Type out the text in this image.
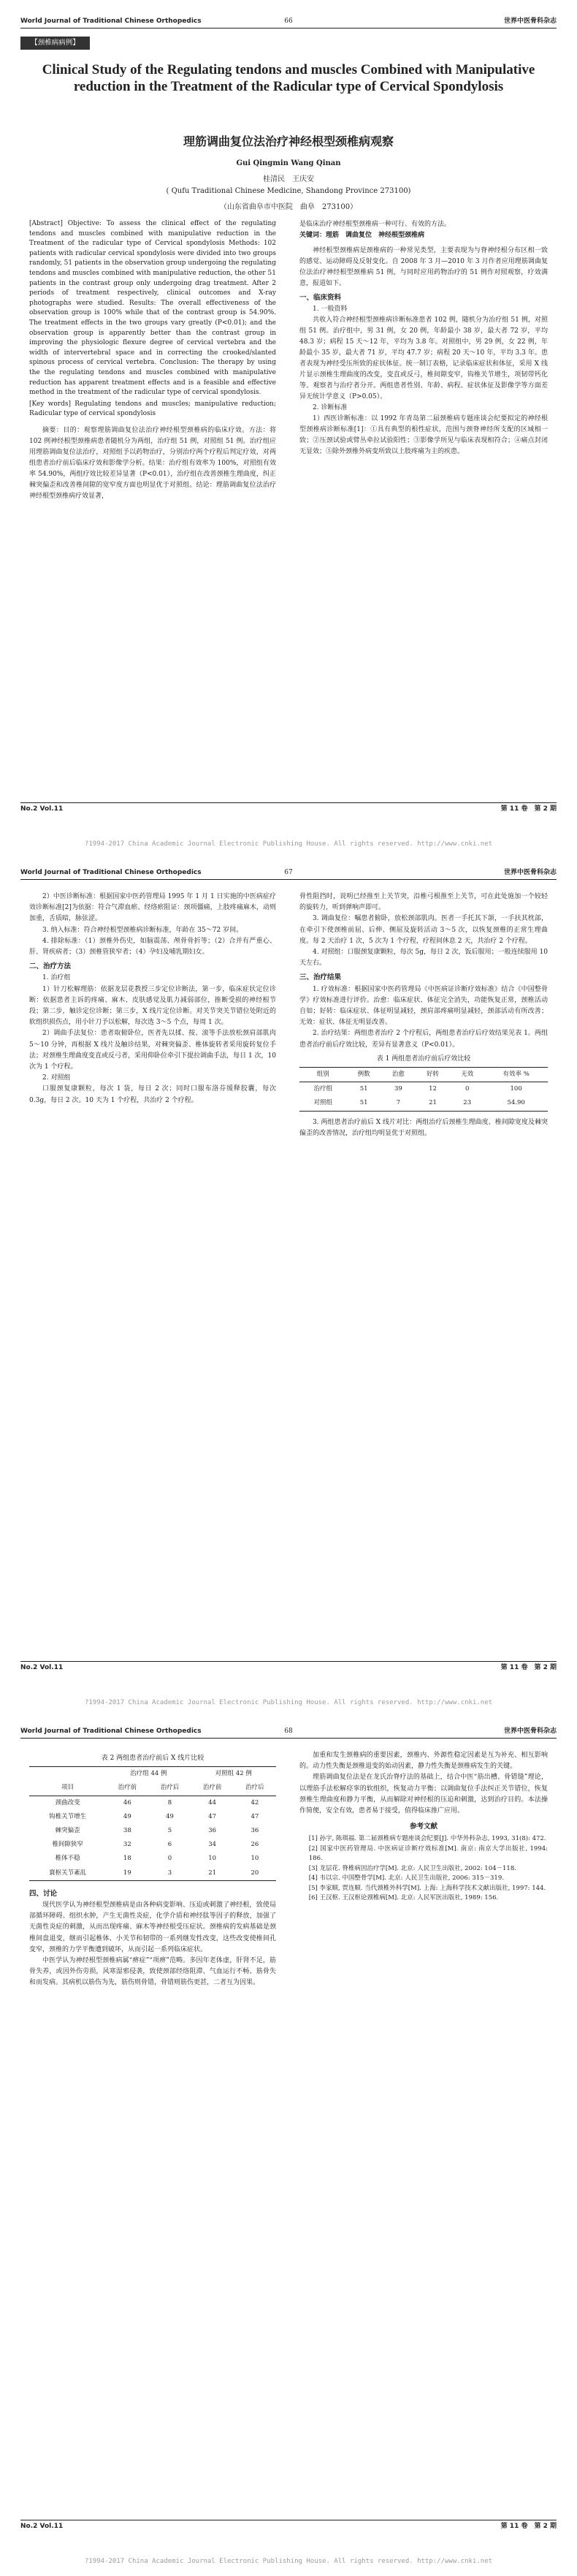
World Journal of Traditional Chinese Orthopedics	66	世界中医骨科杂志
【颈椎病病例】
Clinical Study of the Regulating tendons and muscles Combined with Manipulative reduction in the Treatment of the Radicular type of Cervical Spondylosis
理筋调曲复位法治疗神经根型颈椎病观察
Gui Qingmin Wang Qinan
桂清民　王庆安
( Qufu Traditional Chinese Medicine, Shandong Province 273100)
（山东省曲阜市中医院　曲阜　273100）

[Abstract] Objective: To assess the clinical effect of the regulating tendons and muscles combined with manipulative reduction in the Treatment of the radicular type of Cervical spondylosis Methods: 102 patients with radicular cervical spondylosis were divided into two groups randomly, 51 patients in the observation group undergoing the regulating tendons and muscles combined with manipulative reduction, the other 51 patients in the contrast group only undergoing drag treatment. After 2 periods of treatment respectively, clinical outcomes and X-ray photographs were studied. Results: The overall effectiveness of the observation group is 100% while that of the contrast group is 54.90%. The treatment effects in the two groups vary greatly (P<0.01); and the observation group is apparently better than the contrast group in improving the physiologic flexure degree of cervical vertebra and the width of intervertebral space and in correcting the crooked/slanted spinous process of cervical vertebra. Conclusion: The therapy by using the the regulating tendons and muscles combined with manipulative reduction has apparent treatment effects and is a feasible and effective method in the treatment of the radicular type of cervical spondylosis.

[Key words] Regulating tendons and muscles; manipulative reduction; Radicular type of cervical spondylosis

摘要：目的：观察理筋调曲复位法治疗神经根型颈椎病的临床疗效。方法：将 102 例神经根型颈椎病患者随机分为两组，治疗组 51 例，对照组 51 例。治疗组应用理筋调曲复位法治疗，对照组予以药物治疗，分别治疗两个疗程后判定疗效，对两组患者治疗前后临床疗效和影像学分析。结果：治疗组有效率为 100%，对照组有效率 54.90%，两组疗效比较差异显著（P<0.01），治疗组在改善颈椎生理曲度，纠正棘突偏歪和改善椎间隙的宽窄度方面也明显优于对照组。结论：理筋调曲复位法治疗神经根型颈椎病疗效显著，

是临床治疗神经根型颈椎病一种可行、有效的方法。

关键词：理筋　调曲复位　神经根型颈椎病

神经根型颈椎病是颈椎病的一种常见类型，主要表现为与脊神经根分布区相一致的感觉、运动障碍及反射变化。自 2008 年 3 月—2010 年 3 月作者应用理筋调曲复位法治疗神经根型颈椎病 51 例，与同时应用药物治疗的 51 例作对照观察，疗效满意，报道如下。

一、临床资料

1. 一般资料

共收入符合神经根型颈椎病诊断标准患者 102 例，随机分为治疗组 51 例，对照组 51 例。治疗组中，男 31 例，女 20 例，年龄最小 38 岁，最大者 72 岁，平均 48.3 岁；病程 15 天～12 年，平均为 3.8 年。对照组中，男 29 例，女 22 例，年龄最小 35 岁，最大者 71 岁，平均 47.7 岁；病程 20 天～10 年，平均 3.3 年。患者表现为神经受压所致的症状体征。统一制订表格，记录临床症状和体征，采用 X 线片显示颈椎生理曲度的改变，变直或反弓，椎间隙变窄，钩椎关节增生，项韧带钙化等。观察者与治疗者分开。两组患者性别、年龄、病程、症状体征及影像学等方面差异无统计学意义（P>0.05）。

2. 诊断标准

1）西医诊断标准：以 1992 年青岛第二届颈椎病专题座谈会纪要拟定的神经根型颈椎病诊断标准[1]：①具有典型的根性症状，范围与颈脊神经所支配的区域相一致；②压颈试验或臂丛牵拉试验阳性；③影像学所见与临床表现相符合；④痛点封闭无显效；⑤除外颈椎外病变所致以上肢疼痛为主的疾患。

No.2 Vol.11	第 11 卷　第 2 期
?1994-2017 China Academic Journal Electronic Publishing House. All rights reserved. http://www.cnki.net
World Journal of Traditional Chinese Orthopedics	67	世界中医骨科杂志

2）中医诊断标准：根据国家中医药管理局 1995 年 1 月 1 日实施的中医病症疗效诊断标准[2]为依据：符合气滞血瘀、经络瘀阻证：颈项僵痛，上肢疼痛麻木，动则加重，舌质暗，脉弦涩。

3. 纳入标准：符合神经根型颈椎病诊断标准，年龄在 35～72 岁间。

4. 排除标准：（1）颈椎外伤史，如脑震荡、颅骨骨折等；（2）合并有严重心、肝、肾疾病者；（3）颈椎管狭窄者；（4）孕妇及哺乳期妇女。

二、治疗方法

1. 治疗组

1）针刀松解理筋：依据龙层花教授三步定位诊断法，第一步，临床症状定位诊断：依据患者主诉的疼痛、麻木、皮肤感觉及肌力减弱部位，推断受损的神经根节段；第二步，触诊定位诊断；第三步，X 线片定位诊断。对关节突关节错位处附近的软组织损伤点，用小针刀予以松解，每次选 3～5 个点，每周 1 次。

2）调曲手法复位：患者取俯卧位，医者先以揉、按、滚等手法放松颈肩部肌肉 5～10 分钟，再根据 X 线片及触诊结果，对棘突偏歪、椎体旋转者采用旋转复位手法；对颈椎生理曲度变直或反弓者，采用仰卧位牵引下提拉调曲手法，每日 1 次，10 次为 1 个疗程。

2. 对照组

口服颈复康颗粒，每次 1 袋，每日 2 次；同时口服布洛芬缓释胶囊，每次 0.3g，每日 2 次。10 天为 1 个疗程，共治疗 2 个疗程。

骨性阻挡时，说明已经推至上关节突，沿椎弓根推至上关节，可在此处施加一个较轻的旋转力，听到弹响声即可。

3. 调曲复位：嘱患者俯卧，放松颈部肌肉。医者一手托其下颌，一手扶其枕部，在牵引下使颈椎前屈、后伸、侧屈及旋转活动 3～5 次，以恢复颈椎的正常生理曲度。每 2 天治疗 1 次，5 次为 1 个疗程，疗程间休息 2 天，共治疗 2 个疗程。

4. 对照组：口服颈复康颗粒，每次 5g，每日 2 次，饭后服用；一般连续服用 10 天左右。

三、治疗结果

1. 疗效标准：根据国家中医药管理局《中医病证诊断疗效标准》结合《中国整骨学》疗效标准进行评价。治愈：临床症状、体征完全消失，功能恢复正常，颈椎活动自如；好转：临床症状、体征明显减轻，颈肩部疼痛明显减轻，颈部活动有所改善；无效：症状、体征无明显改善。

2. 治疗结果：两组患者治疗 2 个疗程后，两组患者治疗后疗效结果见表 1。两组患者治疗前后疗效比较，差异有显著意义（P<0.01）。

表 1 两组患者治疗前后疗效比较
组别	例数	治愈	好转	无效	有效率 %
治疗组	51	39	12	0	100
对照组	51	7	21	23	54.90

3. 两组患者治疗前后 X 线片对比：两组治疗后颈椎生理曲度、椎间隙宽度及棘突偏歪的改善情况，治疗组均明显优于对照组。

No.2 Vol.11	第 11 卷　第 2 期
?1994-2017 China Academic Journal Electronic Publishing House. All rights reserved. http://www.cnki.net
World Journal of Traditional Chinese Orthopedics	68	世界中医骨科杂志
表 2 两组患者治疗前后 X 线片比较
	治疗组 44 例		对照组 42 例	
项目	治疗前	治疗后	治疗前	治疗后
颈曲改变	46	8	44	42
钩椎关节增生	49	49	47	47
棘突偏歪	38	5	36	36
椎间隙狭窄	32	6	34	26
椎体不稳	18	0	10	10
寰枢关节紊乱	19	3	21	20
四、讨论

现代医学认为神经根型颈椎病是由各种病变影响、压迫或刺激了神经根，致使局部循环障碍、组织水肿，产生无菌性炎症，化学介质和神经肽等因子的释放，加强了无菌性炎症的刺激，从而出现疼痛、麻木等神经根受压症状。颈椎病的发病基础是颈椎间盘退变，继而引起椎体、小关节和韧带的一系列继发性改变，这些改变使椎间孔变窄，颈椎的力学平衡遭到破坏，从而引起一系列临床症状。

中医学认为神经根型颈椎病属“痹症”“项痹”范畴。多因年老体虚，肝肾不足，筋骨失养，或因外伤劳损，风寒湿邪侵袭，致使颈部经络阻滞、气血运行不畅、筋骨失和而发病。其病机以筋伤为先，筋伤则骨错，骨错则筋伤更甚，二者互为因果。

加重和发生颈椎病的重要因素，颈椎内、外源性稳定因素是互为补充、相互影响的。动力性失衡是颈椎退变的始动因素，静力性失衡是颈椎病发生的关键。

理筋调曲复位法是在龙氏治脊疗法的基础上，结合中医“筋出槽、骨错缝”理论，以理筋手法松解痉挛的软组织，恢复动力平衡；以调曲复位手法纠正关节错位，恢复颈椎生理曲度和静力平衡，从而解除对神经根的压迫和刺激，达到治疗目的。本法操作简便，安全有效，患者易于接受，值得临床推广应用。

参考文献

[1] 孙宇, 陈琪福. 第二届颈椎病专题座谈会纪要[J]. 中华外科杂志, 1993, 31(8): 472.

[2] 国家中医药管理局. 中医病证诊断疗效标准[M]. 南京: 南京大学出版社, 1994: 186.

[3] 龙层花. 脊椎病因治疗学[M]. 北京: 人民卫生出版社, 2002: 104－118.

[4] 韦以宗. 中国整骨学[M]. 北京: 人民卫生出版社, 2006: 315－319.

[5] 李家顺, 贾连顺. 当代颈椎外科学[M]. 上海: 上海科学技术文献出版社, 1997: 144.

[6] 王汉枢. 王汉枢论颈椎病[M]. 北京: 人民军医出版社, 1989: 156.

No.2 Vol.11	第 11 卷　第 2 期
?1994-2017 China Academic Journal Electronic Publishing House. All rights reserved. http://www.cnki.net
